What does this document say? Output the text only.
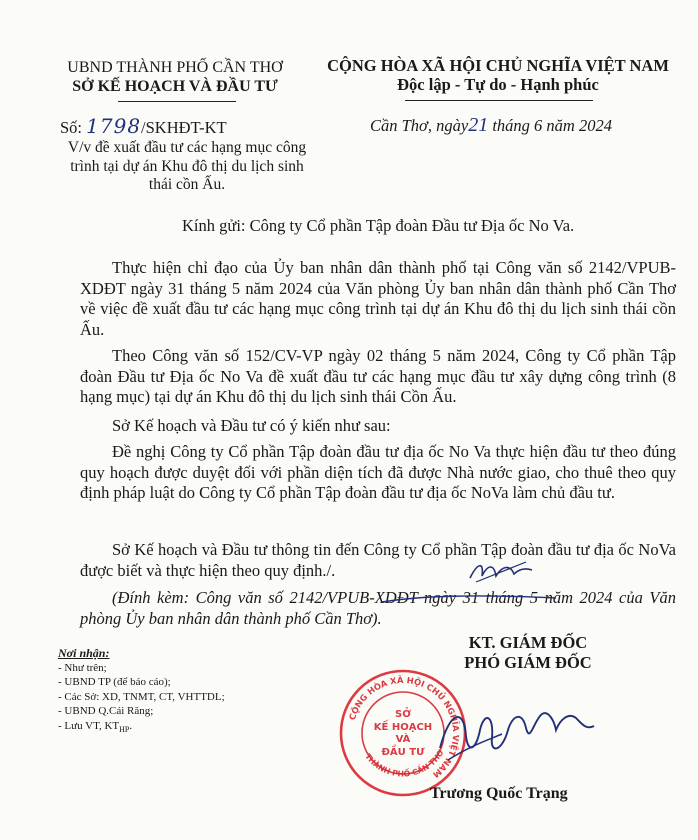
UBND THÀNH PHỐ CẦN THƠ
SỞ KẾ HOẠCH VÀ ĐẦU TƯ
CỘNG HÒA XÃ HỘI CHỦ NGHĨA VIỆT NAM
Độc lập - Tự do - Hạnh phúc
Số: 1798/SKHĐT-KT	Cần Thơ, ngày21 tháng 6 năm 2024
V/v đề xuất đầu tư các hạng mục công trình tại dự án Khu đô thị du lịch sinh thái cồn Ấu.
Kính gửi: Công ty Cổ phần Tập đoàn Đầu tư Địa ốc No Va.
Thực hiện chỉ đạo của Ủy ban nhân dân thành phố tại Công văn số 2142/VPUB-XDĐT ngày 31 tháng 5 năm 2024 của Văn phòng Ủy ban nhân dân thành phố Cần Thơ về việc đề xuất đầu tư các hạng mục công trình tại dự án Khu đô thị du lịch sinh thái cồn Ấu.
Theo Công văn số 152/CV-VP ngày 02 tháng 5 năm 2024, Công ty Cổ phần Tập đoàn Đầu tư Địa ốc No Va đề xuất đầu tư các hạng mục đầu tư xây dựng công trình (8 hạng mục) tại dự án Khu đô thị du lịch sinh thái Cồn Ấu.
Sở Kế hoạch và Đầu tư có ý kiến như sau:
Đề nghị Công ty Cổ phần Tập đoàn đầu tư địa ốc No Va thực hiện đầu tư theo đúng quy hoạch được duyệt đối với phần diện tích đã được Nhà nước giao, cho thuê theo quy định pháp luật do Công ty Cổ phần Tập đoàn đầu tư địa ốc NoVa làm chủ đầu tư.
Sở Kế hoạch và Đầu tư thông tin đến Công ty Cổ phần Tập đoàn đầu tư địa ốc NoVa được biết và thực hiện theo quy định./.
(Đính kèm: Công văn số 2142/VPUB-XDĐT ngày 31 tháng 5 năm 2024 của Văn phòng Ủy ban nhân dân thành phố Cần Thơ).
KT. GIÁM ĐỐC
PHÓ GIÁM ĐỐC
Nơi nhận:
- Như trên;
- UBND TP (để báo cáo);
- Các Sở: XD, TNMT, CT, VHTTDL;
- UBND Q.Cái Răng;
- Lưu VT, $KT_{HP}$.
CỘNG HÒA XÃ HỘI CHỦ NGHĨA VIỆT NAM
THÀNH PHỐ CẦN THƠ
SỞ
KẾ HOẠCH
VÀ
ĐẦU TƯ
Trương Quốc Trạng
